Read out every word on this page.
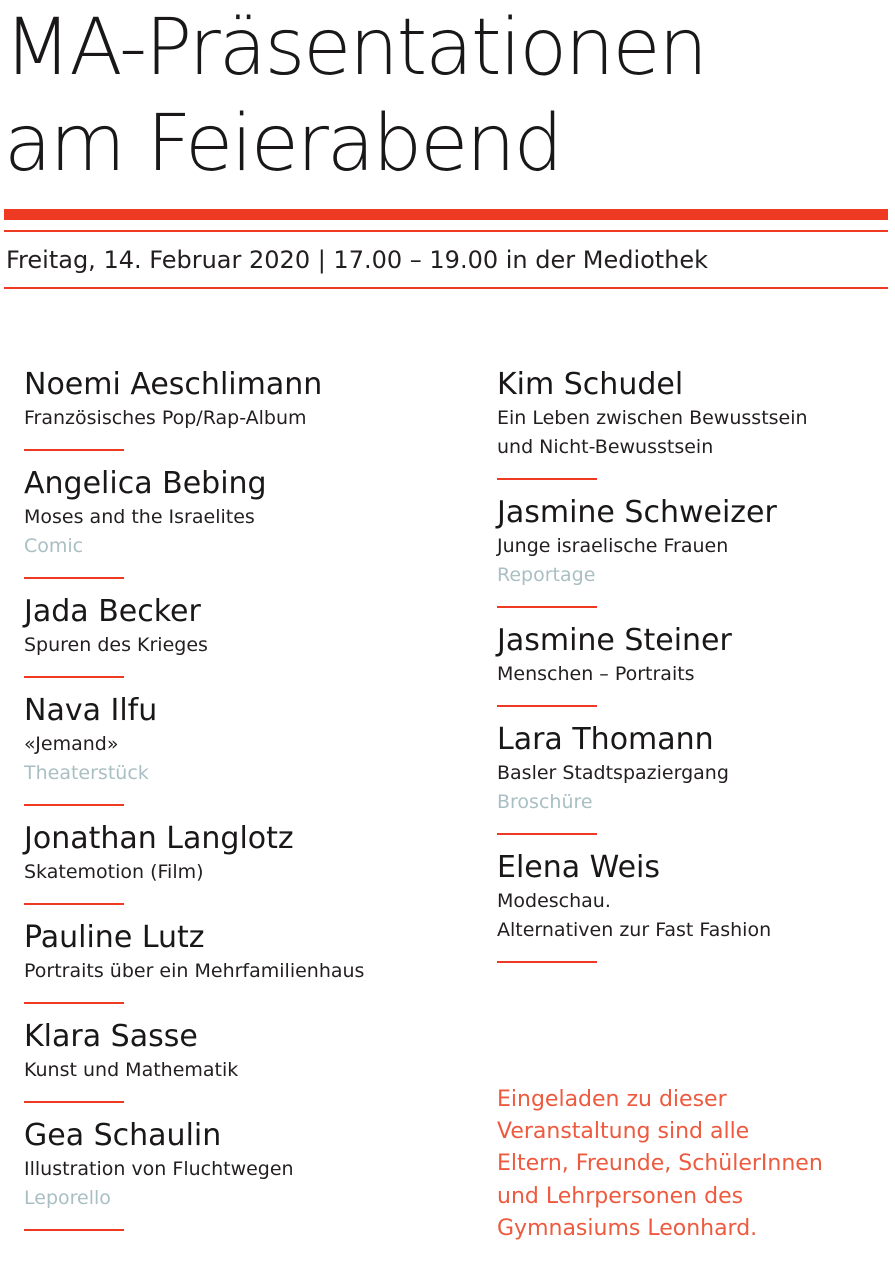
MA-Präsentationen
am Feierabend
Freitag, 14. Februar 2020 | 17.00 – 19.00 in der Mediothek
Noemi Aeschlimann
Französisches Pop/Rap-Album
Angelica Bebing
Moses and the Israelites
Comic
Jada Becker
Spuren des Krieges
Nava Ilfu
«Jemand»
Theaterstück
Jonathan Langlotz
Skatemotion (Film)
Pauline Lutz
Portraits über ein Mehrfamilienhaus
Klara Sasse
Kunst und Mathematik
Gea Schaulin
Illustration von Fluchtwegen
Leporello
Kim Schudel
Ein Leben zwischen Bewusstsein
und Nicht-Bewusstsein
Jasmine Schweizer
Junge israelische Frauen
Reportage
Jasmine Steiner
Menschen – Portraits
Lara Thomann
Basler Stadtspaziergang
Broschüre
Elena Weis
Modeschau.
Alternativen zur Fast Fashion
Eingeladen zu dieser
Veranstaltung sind alle
Eltern, Freunde, SchülerInnen
und Lehrpersonen des
Gymnasiums Leonhard.
